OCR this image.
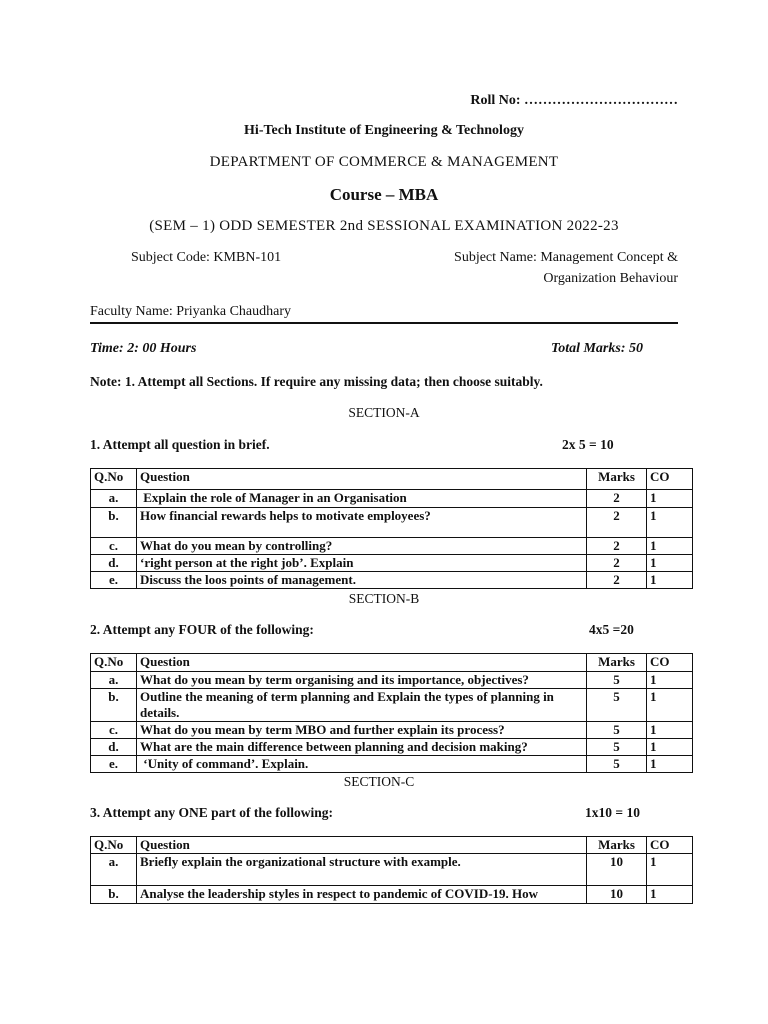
Roll No: ……………………………
Hi-Tech Institute of Engineering & Technology
DEPARTMENT OF COMMERCE & MANAGEMENT
Course – MBA
(SEM – 1) ODD SEMESTER 2nd SESSIONAL EXAMINATION 2022-23
Subject Code: KMBN-101	Subject Name: Management Concept &
Organization Behaviour
Faculty Name: Priyanka Chaudhary
Time: 2: 00 Hours	Total Marks: 50
Note: 1. Attempt all Sections. If require any missing data; then choose suitably.
SECTION-A
1. Attempt all question in brief.	2x 5 = 10
Q.No	Question	Marks	CO
a.	Explain the role of Manager in an Organisation	2	1
b.	How financial rewards helps to motivate employees?	2	1
c.	What do you mean by controlling?	2	1
d.	‘right person at the right job’. Explain	2	1
e.	Discuss the loos points of management.	2	1
SECTION-B
2. Attempt any FOUR of the following:	4x5 =20
Q.No	Question	Marks	CO
a.	What do you mean by term organising and its importance, objectives?	5	1
b.	Outline the meaning of term planning and Explain the types of planning in details.	5	1
c.	What do you mean by term MBO and further explain its process?	5	1
d.	What are the main difference between planning and decision making?	5	1
e.	‘Unity of command’. Explain.	5	1
SECTION-C
3. Attempt any ONE part of the following:	1x10 = 10
Q.No	Question	Marks	CO
a.	Briefly explain the organizational structure with example.	10	1
b.	Analyse the leadership styles in respect to pandemic of COVID-19. How	10	1
